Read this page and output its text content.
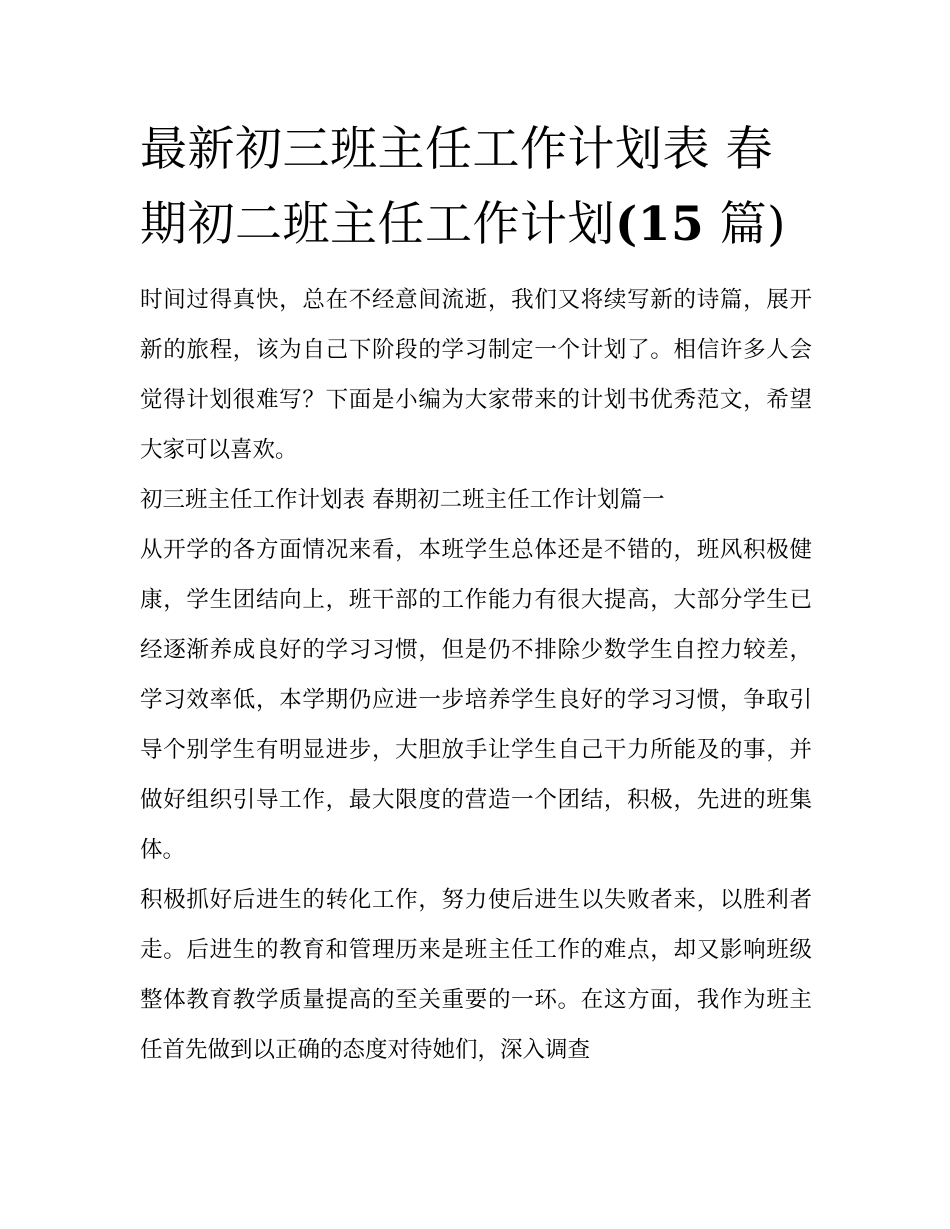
最新初三班主任工作计划表 春期初二班主任工作计划(15 篇)

时间过得真快，总在不经意间流逝，我们又将续写新的诗篇，展开新的旅程，该为自己下阶段的学习制定一个计划了。相信许多人会觉得计划很难写？下面是小编为大家带来的计划书优秀范文，希望大家可以喜欢。

初三班主任工作计划表 春期初二班主任工作计划篇一

从开学的各方面情况来看，本班学生总体还是不错的，班风积极健康，学生团结向上，班干部的工作能力有很大提高，大部分学生已经逐渐养成良好的学习习惯，但是仍不排除少数学生自控力较差，学习效率低，本学期仍应进一步培养学生良好的学习习惯，争取引导个别学生有明显进步，大胆放手让学生自己干力所能及的事，并做好组织引导工作，最大限度的营造一个团结，积极，先进的班集体。

积极抓好后进生的转化工作，努力使后进生以失败者来，以胜利者走。后进生的教育和管理历来是班主任工作的难点，却又影响班级整体教育教学质量提高的至关重要的一环。在这方面，我作为班主任首先做到以正确的态度对待她们，深入调查
